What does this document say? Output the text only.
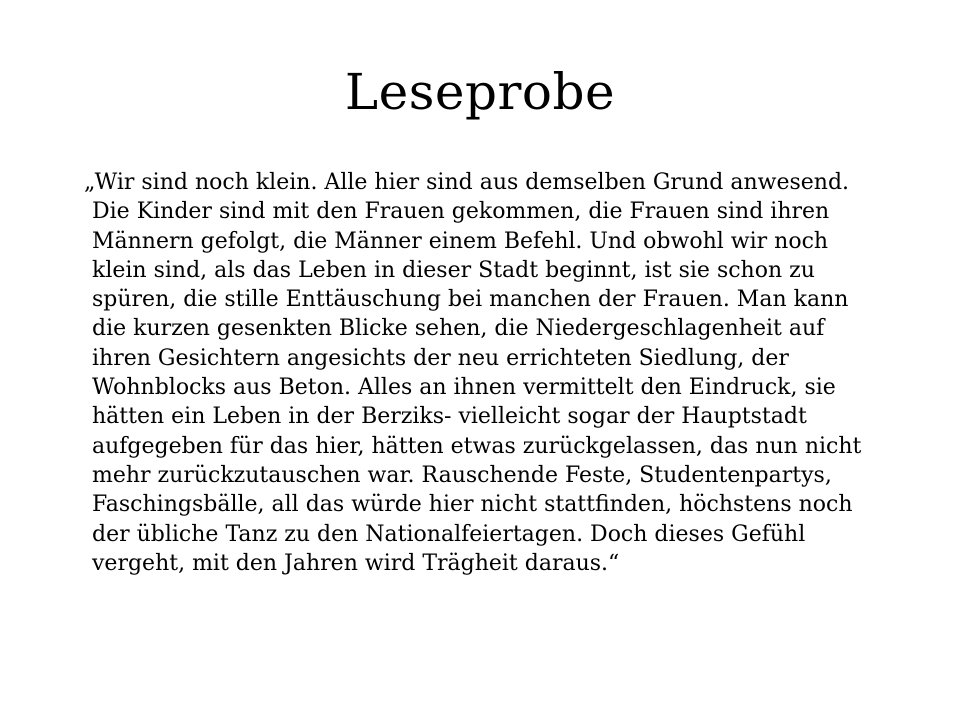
Leseprobe
„Wir sind noch klein. Alle hier sind aus demselben Grund anwesend.
Die Kinder sind mit den Frauen gekommen, die Frauen sind ihren
Männern gefolgt, die Männer einem Befehl. Und obwohl wir noch
klein sind, als das Leben in dieser Stadt beginnt, ist sie schon zu
spüren, die stille Enttäuschung bei manchen der Frauen. Man kann
die kurzen gesenkten Blicke sehen, die Niedergeschlagenheit auf
ihren Gesichtern angesichts der neu errichteten Siedlung, der
Wohnblocks aus Beton. Alles an ihnen vermittelt den Eindruck, sie
hätten ein Leben in der Berziks- vielleicht sogar der Hauptstadt
aufgegeben für das hier, hätten etwas zurückgelassen, das nun nicht
mehr zurückzutauschen war. Rauschende Feste, Studentenpartys,
Faschingsbälle, all das würde hier nicht stattfinden, höchstens noch
der übliche Tanz zu den Nationalfeiertagen. Doch dieses Gefühl
vergeht, mit den Jahren wird Trägheit daraus.“
